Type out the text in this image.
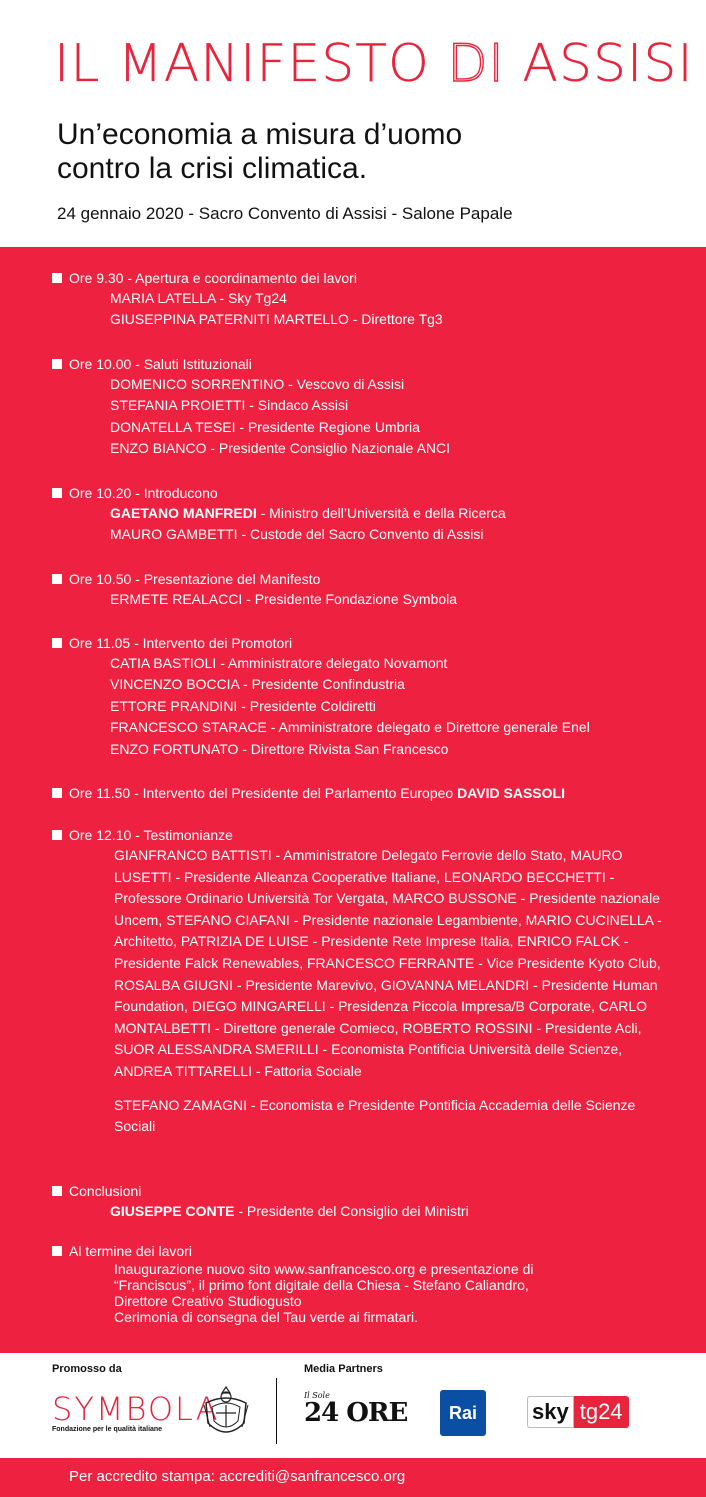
IL MANIFESTO DI ASSISI
Un’economia a misura d’uomo
contro la crisi climatica.
24 gennaio 2020 - Sacro Convento di Assisi - Salone Papale
Ore 9.30 - Apertura e coordinamento dei lavori
MARIA LATELLA - Sky Tg24
GIUSEPPINA PATERNITI MARTELLO - Direttore Tg3
Ore 10.00 - Saluti Istituzionali
DOMENICO SORRENTINO - Vescovo di Assisi
STEFANIA PROIETTI - Sindaco Assisi
DONATELLA TESEI - Presidente Regione Umbria
ENZO BIANCO - Presidente Consiglio Nazionale ANCI
Ore 10.20 - Introducono
GAETANO MANFREDI - Ministro dell’Università e della Ricerca
MAURO GAMBETTI - Custode del Sacro Convento di Assisi
Ore 10.50 - Presentazione del Manifesto
ERMETE REALACCI - Presidente Fondazione Symbola
Ore 11.05 - Intervento dei Promotori
CATIA BASTIOLI - Amministratore delegato Novamont
VINCENZO BOCCIA - Presidente Confindustria
ETTORE PRANDINI - Presidente Coldiretti
FRANCESCO STARACE - Amministratore delegato e Direttore generale Enel
ENZO FORTUNATO - Direttore Rivista San Francesco
Ore 11.50 - Intervento del Presidente del Parlamento Europeo DAVID SASSOLI
Ore 12.10 - Testimonianze
GIANFRANCO BATTISTI - Amministratore Delegato Ferrovie dello Stato, MAURO LUSETTI - Presidente Alleanza Cooperative Italiane, LEONARDO BECCHETTI - Professore Ordinario Università Tor Vergata, MARCO BUSSONE - Presidente nazionale Uncem, STEFANO CIAFANI - Presidente nazionale Legambiente, MARIO CUCINELLA - Architetto, PATRIZIA DE LUISE - Presidente Rete Imprese Italia, ENRICO FALCK - Presidente Falck Renewables, FRANCESCO FERRANTE - Vice Presidente Kyoto Club, ROSALBA GIUGNI - Presidente Marevivo, GIOVANNA MELANDRI - Presidente Human Foundation, DIEGO MINGARELLI - Presidenza Piccola Impresa/B Corporate, CARLO MONTALBETTI - Direttore generale Comieco, ROBERTO ROSSINI - Presidente Acli, SUOR ALESSANDRA SMERILLI - Economista Pontificia Università delle Scienze, ANDREA TITTARELLI - Fattoria Sociale
STEFANO ZAMAGNI - Economista e Presidente Pontificia Accademia delle Scienze Sociali
Conclusioni
GIUSEPPE CONTE - Presidente del Consiglio dei Ministri
Al termine dei lavori
Inaugurazione nuovo sito www.sanfrancesco.org e presentazione di
“Franciscus”, il primo font digitale della Chiesa - Stefano Caliandro,
Direttore Creativo Studiogusto
Cerimonia di consegna del Tau verde ai firmatari.
Promosso da	Media Partners
SYMBOLA
Fondazione per le qualità italiane
Il Sole
24 ORE	Rai	sky tg24
Per accredito stampa: accrediti@sanfrancesco.org
